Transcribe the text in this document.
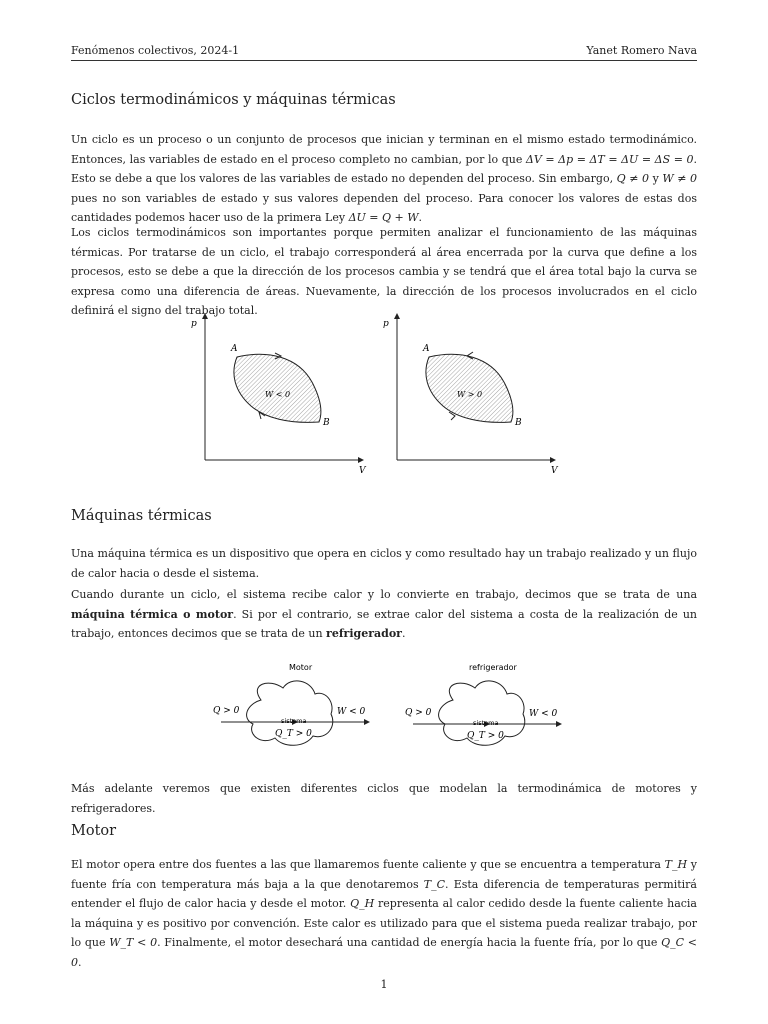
Fenómenos colectivos, 2024-1	Yanet Romero Nava
Ciclos termodinámicos y máquinas térmicas

Un ciclo es un proceso o un conjunto de procesos que inician y terminan en el mismo estado termodinámico. Entonces, las variables de estado en el proceso completo no cambian, por lo que ΔV = Δp = ΔT = ΔU = ΔS = 0. Esto se debe a que los valores de las variables de estado no dependen del proceso. Sin embargo, Q ≠ 0 y W ≠ 0 pues no son variables de estado y sus valores dependen del proceso. Para conocer los valores de estas dos cantidades podemos hacer uso de la primera Ley ΔU = Q + W.

Los ciclos termodinámicos son importantes porque permiten analizar el funcionamiento de las máquinas térmicas. Por tratarse de un ciclo, el trabajo corresponderá al área encerrada por la curva que define a los procesos, esto se debe a que la dirección de los procesos cambia y se tendrá que el área total bajo la curva se expresa como una diferencia de áreas. Nuevamente, la dirección de los procesos involucrados en el ciclo definirá el signo del trabajo total.

p
V
A
B
W < 0
p
V
A
B
W > 0
Máquinas térmicas

Una máquina térmica es un dispositivo que opera en ciclos y como resultado hay un trabajo realizado y un flujo de calor hacia o desde el sistema.

Cuando durante un ciclo, el sistema recibe calor y lo convierte en trabajo, decimos que se trata de una máquina térmica o motor. Si por el contrario, se extrae calor del sistema a costa de la realización de un trabajo, entonces decimos que se trata de un refrigerador.

Motor
Q > 0	W < 0
sistema
Q_T > 0
refrigerador
Q > 0	W < 0
sistema
Q_T > 0

Más adelante veremos que existen diferentes ciclos que modelan la termodinámica de motores y refrigeradores.

Motor

El motor opera entre dos fuentes a las que llamaremos fuente caliente y que se encuentra a temperatura T_H y fuente fría con temperatura más baja a la que denotaremos T_C. Esta diferencia de temperaturas permitirá entender el flujo de calor hacia y desde el motor. Q_H representa al calor cedido desde la fuente caliente hacia la máquina y es positivo por convención. Este calor es utilizado para que el sistema pueda realizar trabajo, por lo que W_T < 0. Finalmente, el motor desechará una cantidad de energía hacia la fuente fría, por lo que Q_C < 0.

1
